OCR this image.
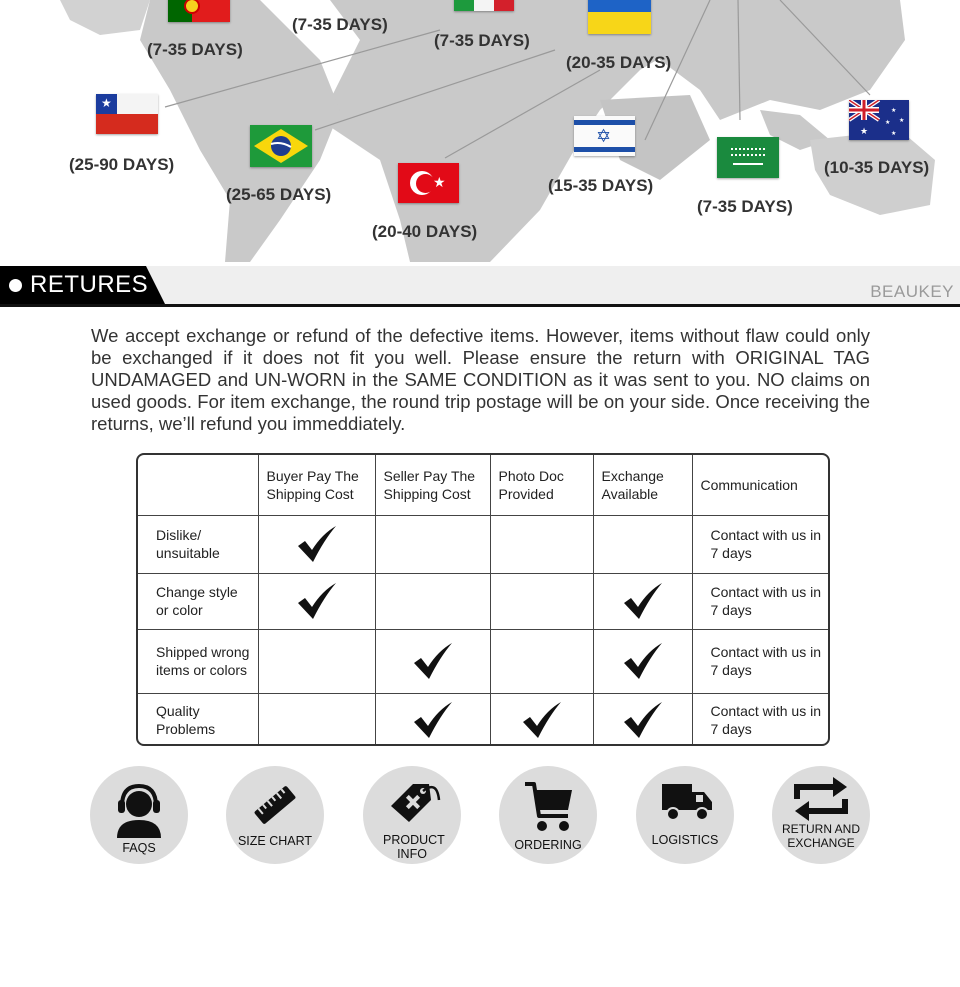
★
★
✡	★
★
★
★
★
(7-35 DAYS)
(7-35 DAYS)
(7-35 DAYS)
(20-35 DAYS)
(25-90 DAYS)
(25-65 DAYS)
(20-40 DAYS)
(15-35 DAYS)
(7-35 DAYS)
(10-35 DAYS)
RETURES	BEAUKEY
We accept exchange or refund of the defective items. However, items without flaw could only be exchanged if it does not fit you well. Please ensure the return with ORIGINAL TAG UNDAMAGED and UN-WORN in the SAME CONDITION as it was sent to you. NO claims on used goods. For item exchange, the round trip postage will be on your side. Once receiving the returns, we’ll refund you immeddiately.
	Buyer Pay The Shipping Cost	Seller Pay The Shipping Cost	Photo Doc Provided	Exchange Available	Communication
Dislike/ unsuitable					Contact with us in 7 days
Change style or color					Contact with us in 7 days
Shipped wrong items or colors					Contact with us in 7 days
Quality Problems					Contact with us in 7 days
FAQS	SIZE CHART	PRODUCT INFO
ORDERING	LOGISTICS
RETURN AND EXCHANGE
